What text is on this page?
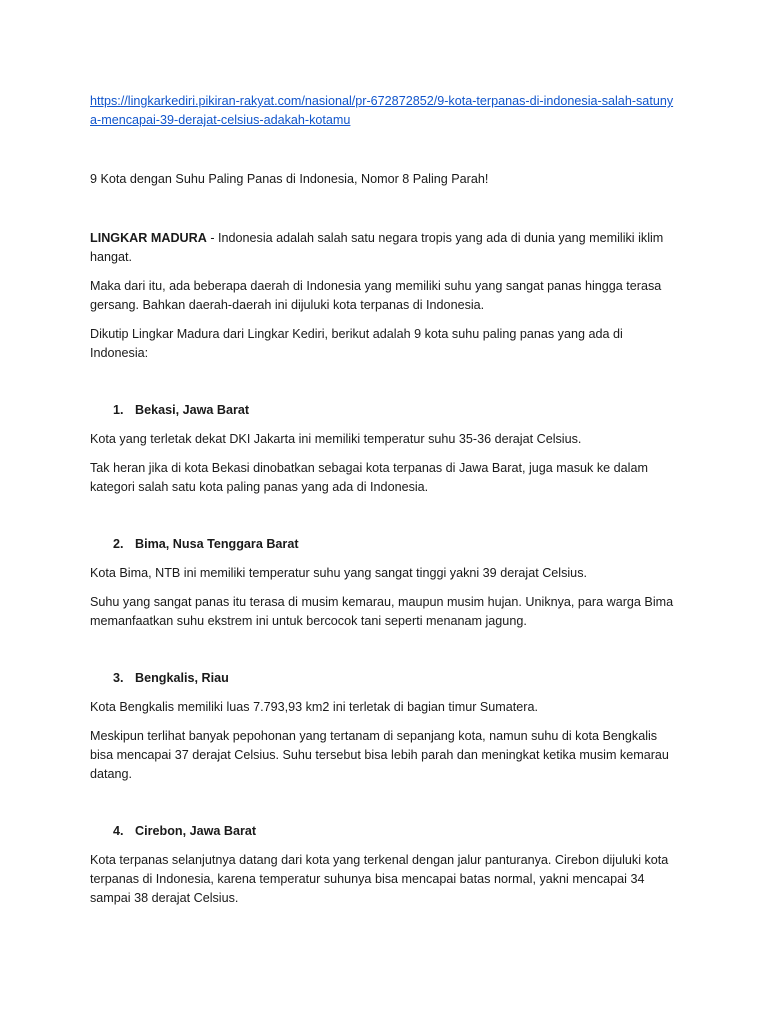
https://lingkarkediri.pikiran-rakyat.com/nasional/pr-672872852/9-kota-terpanas-di-indonesia-salah-satunya-mencapai-39-derajat-celsius-adakah-kotamu

9 Kota dengan Suhu Paling Panas di Indonesia, Nomor 8 Paling Parah!

LINGKAR MADURA - Indonesia adalah salah satu negara tropis yang ada di dunia yang memiliki iklim hangat.

Maka dari itu, ada beberapa daerah di Indonesia yang memiliki suhu yang sangat panas hingga terasa gersang. Bahkan daerah-daerah ini dijuluki kota terpanas di Indonesia.

Dikutip Lingkar Madura dari Lingkar Kediri, berikut adalah 9 kota suhu paling panas yang ada di Indonesia:

1. Bekasi, Jawa Barat

Kota yang terletak dekat DKI Jakarta ini memiliki temperatur suhu 35-36 derajat Celsius.

Tak heran jika di kota Bekasi dinobatkan sebagai kota terpanas di Jawa Barat, juga masuk ke dalam kategori salah satu kota paling panas yang ada di Indonesia.

2. Bima, Nusa Tenggara Barat

Kota Bima, NTB ini memiliki temperatur suhu yang sangat tinggi yakni 39 derajat Celsius.

Suhu yang sangat panas itu terasa di musim kemarau, maupun musim hujan. Uniknya, para warga Bima memanfaatkan suhu ekstrem ini untuk bercocok tani seperti menanam jagung.

3. Bengkalis, Riau

Kota Bengkalis memiliki luas 7.793,93 km2 ini terletak di bagian timur Sumatera.

Meskipun terlihat banyak pepohonan yang tertanam di sepanjang kota, namun suhu di kota Bengkalis bisa mencapai 37 derajat Celsius. Suhu tersebut bisa lebih parah dan meningkat ketika musim kemarau datang.

4. Cirebon, Jawa Barat

Kota terpanas selanjutnya datang dari kota yang terkenal dengan jalur panturanya. Cirebon dijuluki kota terpanas di Indonesia, karena temperatur suhunya bisa mencapai batas normal, yakni mencapai 34 sampai 38 derajat Celsius.
